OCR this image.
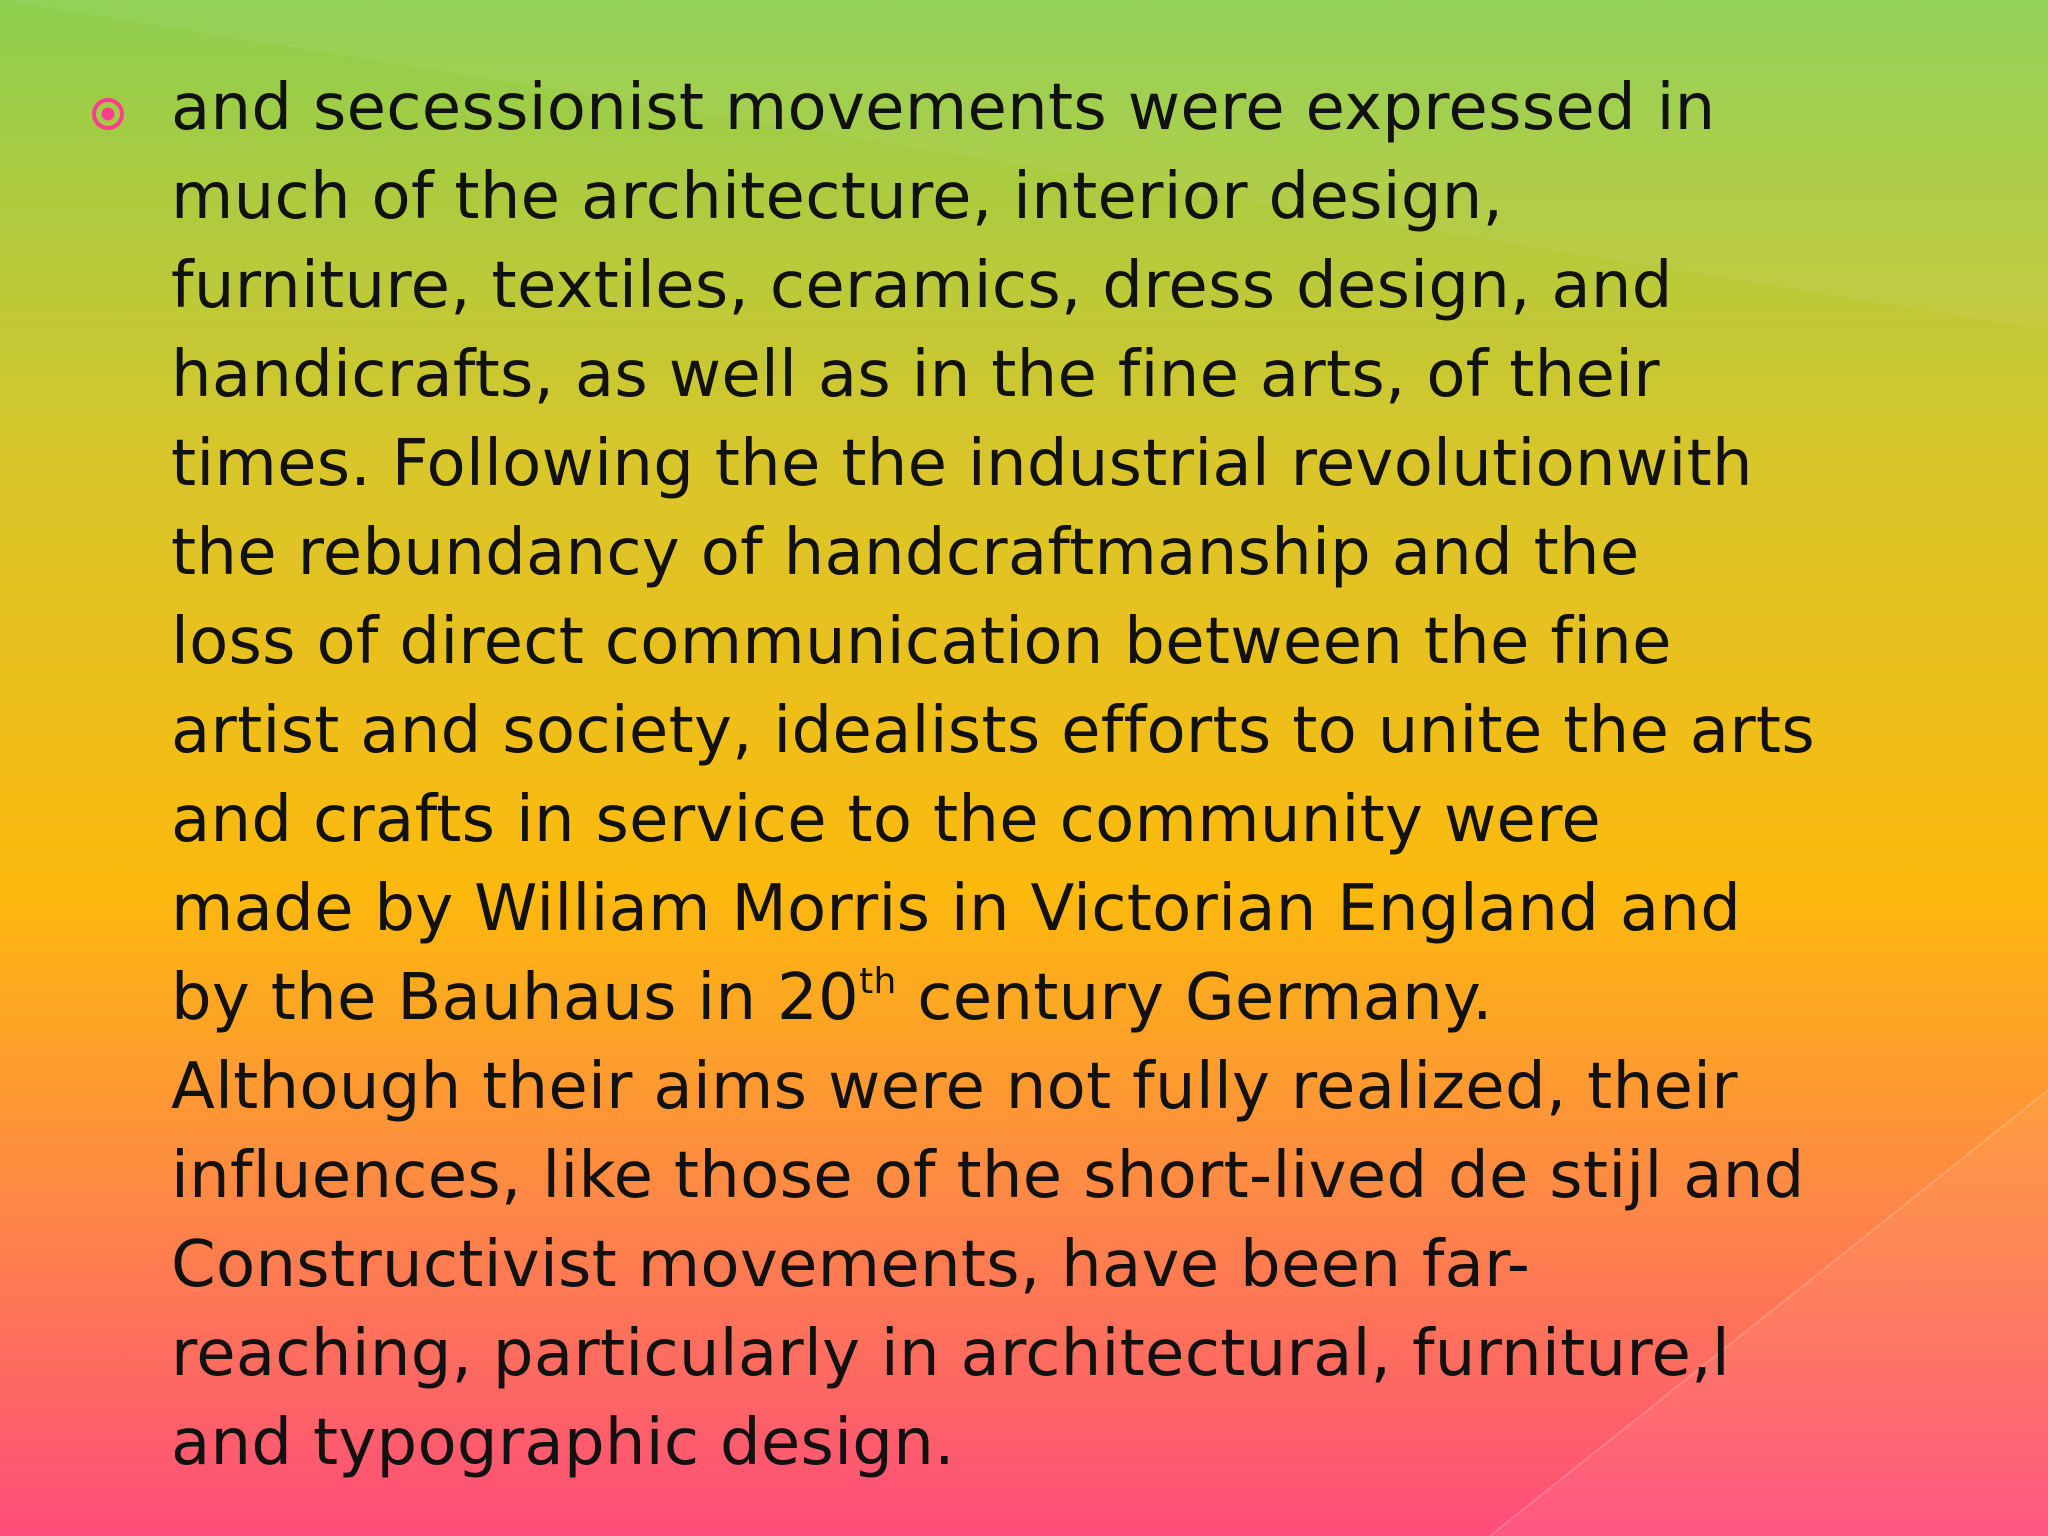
and secessionist movements were expressed in
much of the architecture, interior design,
furniture, textiles, ceramics, dress design, and
handicrafts, as well as in the fine arts, of their
times. Following the the industrial revolutionwith
the rebundancy of handcraftmanship and the
loss of direct communication between the fine
artist and society, idealists efforts to unite the arts
and crafts in service to the community were
made by William Morris in Victorian England and
by the Bauhaus in 20th century Germany.
Although their aims were not fully realized, their
influences, like those of the short-lived de stijl and
Constructivist movements, have been far-
reaching, particularly in architectural, furniture,l
and typographic design.
